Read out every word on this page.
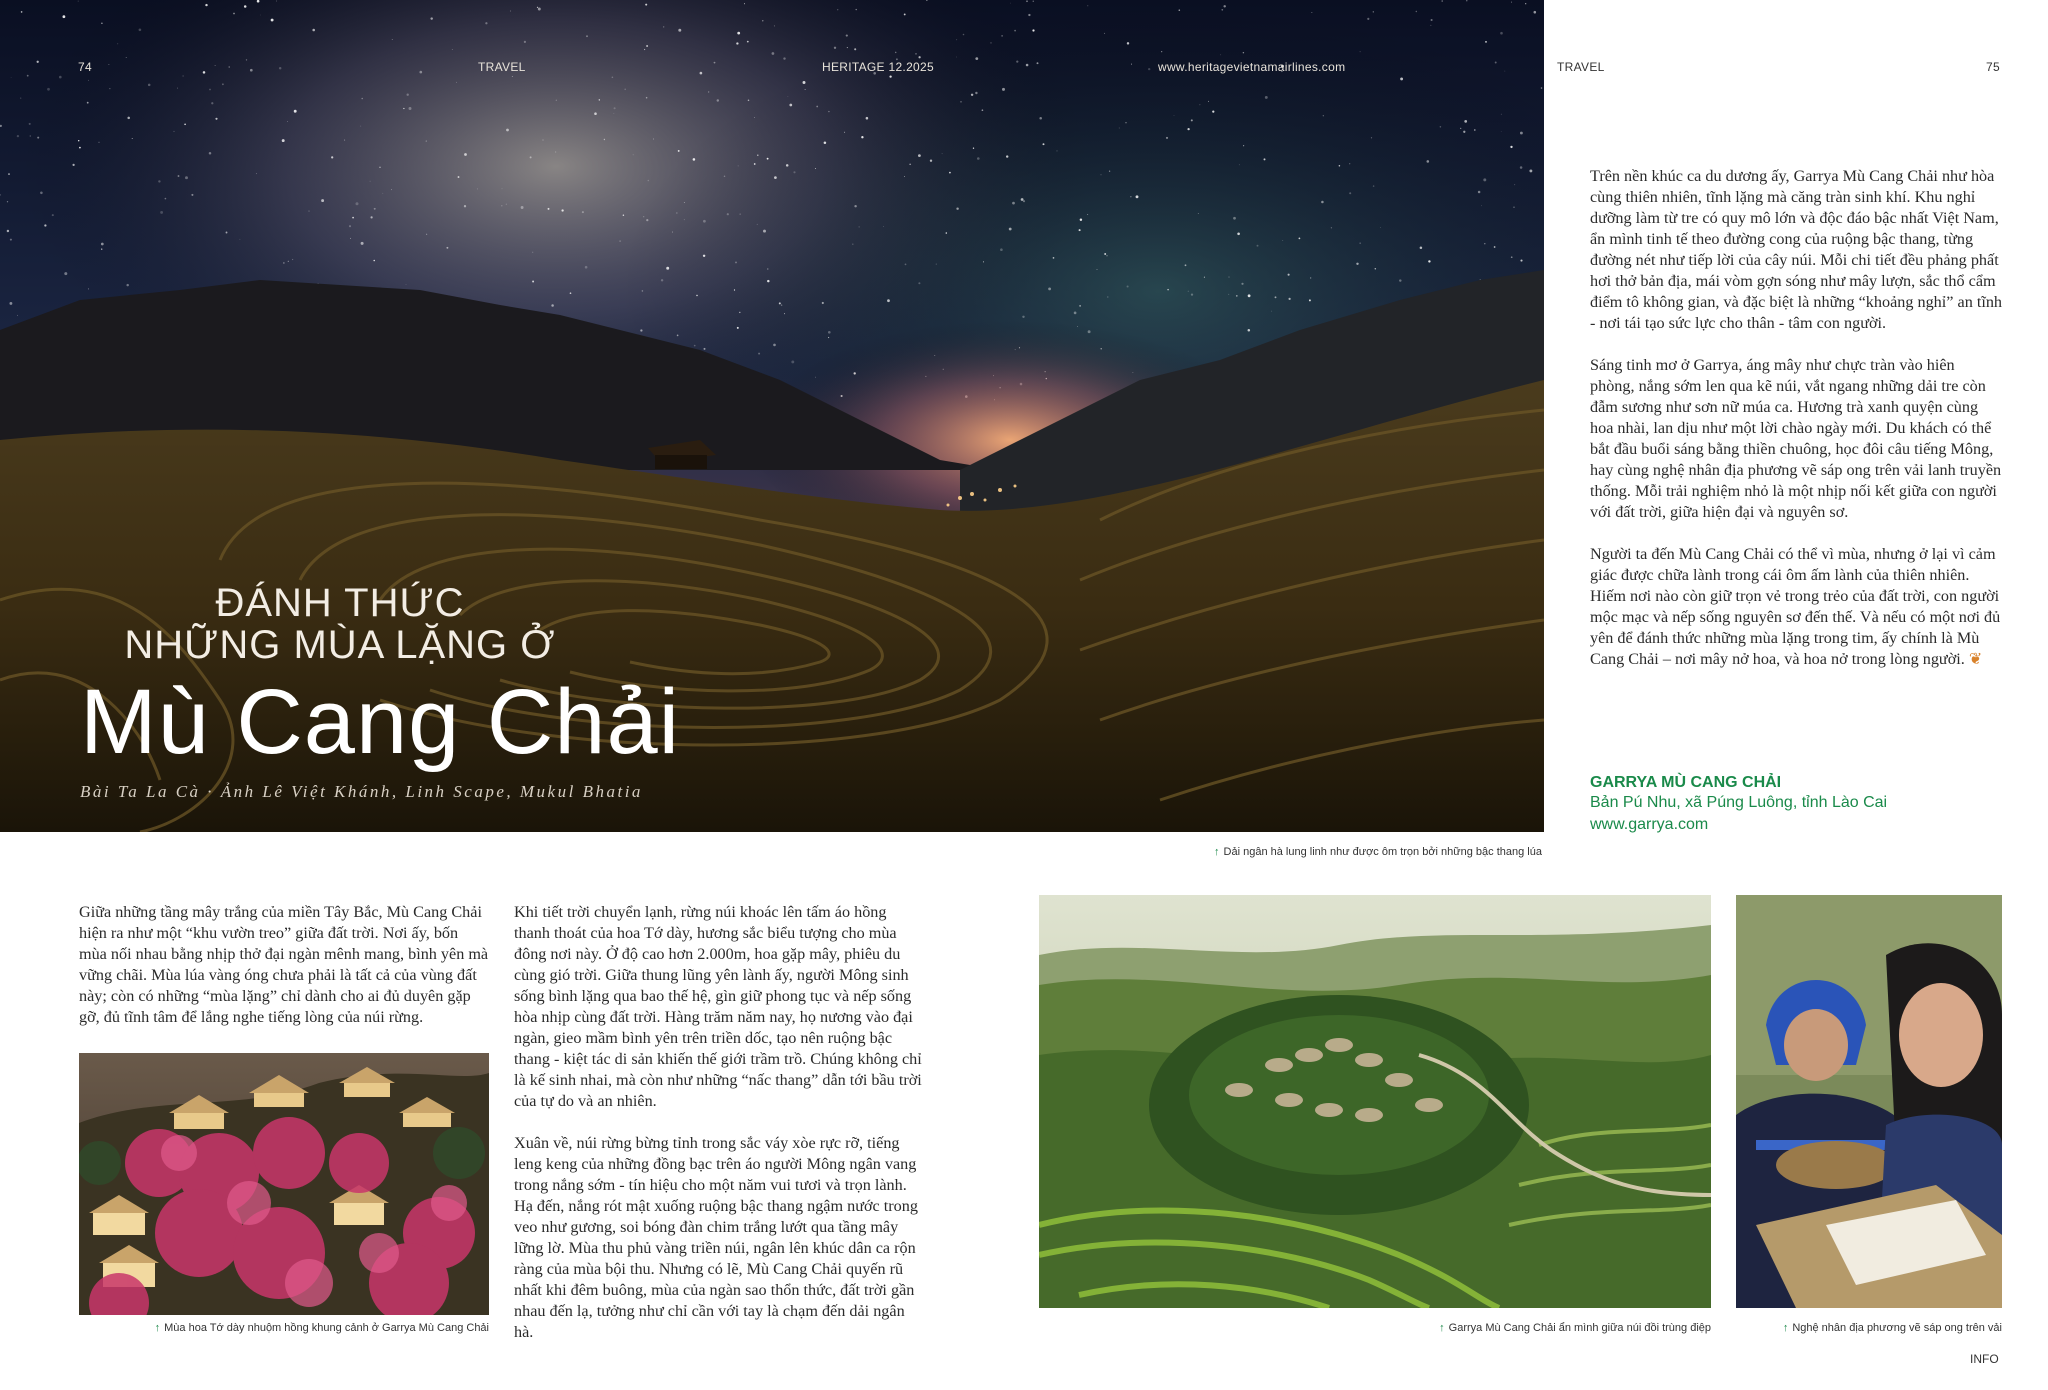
74	TRAVEL	HERITAGE 12.2025	www.heritagevietnamairlines.com	TRAVEL	75
ĐÁNH THỨC
NHỮNG MÙA LẶNG Ở
Mù Cang Chải
Bài Ta La Cà · Ảnh Lê Việt Khánh, Linh Scape, Mukul Bhatia
↑ Dải ngân hà lung linh như được ôm trọn bởi những bậc thang lúa

Trên nền khúc ca du dương ấy, Garrya Mù Cang Chải như hòa cùng thiên nhiên, tĩnh lặng mà căng tràn sinh khí. Khu nghỉ dưỡng làm từ tre có quy mô lớn và độc đáo bậc nhất Việt Nam, ẩn mình tinh tế theo đường cong của ruộng bậc thang, từng đường nét như tiếp lời của cây núi. Mỗi chi tiết đều phảng phất hơi thở bản địa, mái vòm gợn sóng như mây lượn, sắc thổ cẩm điểm tô không gian, và đặc biệt là những “khoảng nghỉ” an tĩnh - nơi tái tạo sức lực cho thân - tâm con người.

Sáng tinh mơ ở Garrya, áng mây như chực tràn vào hiên phòng, nắng sớm len qua kẽ núi, vắt ngang những dải tre còn đẫm sương như sơn nữ múa ca. Hương trà xanh quyện cùng hoa nhài, lan dịu như một lời chào ngày mới. Du khách có thể bắt đầu buổi sáng bằng thiền chuông, học đôi câu tiếng Mông, hay cùng nghệ nhân địa phương vẽ sáp ong trên vải lanh truyền thống. Mỗi trải nghiệm nhỏ là một nhịp nối kết giữa con người với đất trời, giữa hiện đại và nguyên sơ.

Người ta đến Mù Cang Chải có thể vì mùa, nhưng ở lại vì cảm giác được chữa lành trong cái ôm ấm lành của thiên nhiên. Hiếm nơi nào còn giữ trọn vẻ trong trẻo của đất trời, con người mộc mạc và nếp sống nguyên sơ đến thế. Và nếu có một nơi đủ yên để đánh thức những mùa lặng trong tim, ấy chính là Mù Cang Chải – nơi mây nở hoa, và hoa nở trong lòng người. ❦

GARRYA MÙ CANG CHẢI
Bản Pú Nhu, xã Púng Luông, tỉnh Lào Cai
www.garrya.com

Giữa những tầng mây trắng của miền Tây Bắc, Mù Cang Chải hiện ra như một “khu vườn treo” giữa đất trời. Nơi ấy, bốn mùa nối nhau bằng nhịp thở đại ngàn mênh mang, bình yên mà vững chãi. Mùa lúa vàng óng chưa phải là tất cả của vùng đất này; còn có những “mùa lặng” chỉ dành cho ai đủ duyên gặp gỡ, đủ tĩnh tâm để lắng nghe tiếng lòng của núi rừng.

↑ Mùa hoa Tớ dày nhuộm hồng khung cảnh ở Garrya Mù Cang Chải

Khi tiết trời chuyển lạnh, rừng núi khoác lên tấm áo hồng thanh thoát của hoa Tớ dày, hương sắc biểu tượng cho mùa đông nơi này. Ở độ cao hơn 2.000m, hoa gặp mây, phiêu du cùng gió trời. Giữa thung lũng yên lành ấy, người Mông sinh sống bình lặng qua bao thế hệ, gìn giữ phong tục và nếp sống hòa nhịp cùng đất trời. Hàng trăm năm nay, họ nương vào đại ngàn, gieo mầm bình yên trên triền dốc, tạo nên ruộng bậc thang - kiệt tác di sản khiến thế giới trầm trồ. Chúng không chỉ là kế sinh nhai, mà còn như những “nấc thang” dẫn tới bầu trời của tự do và an nhiên.

Xuân về, núi rừng bừng tỉnh trong sắc váy xòe rực rỡ, tiếng leng keng của những đồng bạc trên áo người Mông ngân vang trong nắng sớm - tín hiệu cho một năm vui tươi và trọn lành. Hạ đến, nắng rót mật xuống ruộng bậc thang ngậm nước trong veo như gương, soi bóng đàn chim trắng lướt qua tầng mây lững lờ. Mùa thu phủ vàng triền núi, ngân lên khúc dân ca rộn ràng của mùa bội thu. Nhưng có lẽ, Mù Cang Chải quyến rũ nhất khi đêm buông, mùa của ngàn sao thổn thức, đất trời gần nhau đến lạ, tưởng như chỉ cần với tay là chạm đến dải ngân hà.	↑ Garrya Mù Cang Chải ẩn mình giữa núi đồi trùng điệp	↑ Nghệ nhân địa phương vẽ sáp ong trên vải
INFO
